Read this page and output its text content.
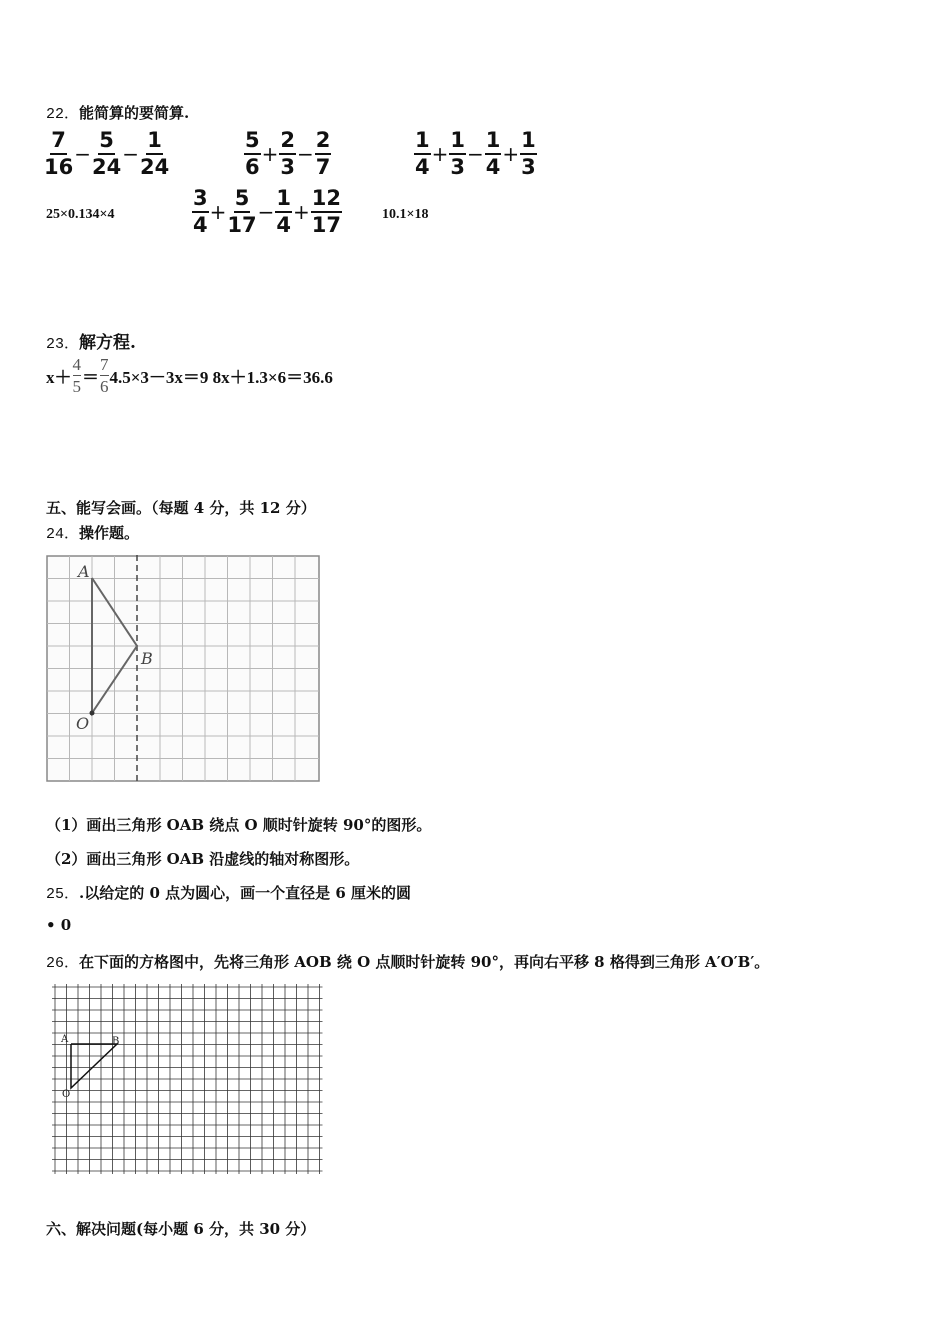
22．能简算的要简算.
$\frac{7}{16} - \frac{5}{24} - \frac{1}{24}$	$\frac{5}{6} + \frac{2}{3} - \frac{2}{7}$	$\frac{1}{4} + \frac{1}{3} - \frac{1}{4} + \frac{1}{3}$
25×0.134×4	$\frac{3}{4} + \frac{5}{17} - \frac{1}{4} + \frac{12}{17}$	10.1×18
23．解方程.
x＋
4
5 ＝
7
6 4.5×3－3x＝9 8x＋1.3×6＝36.6
五、能写会画。（每题 4 分，共 12 分）
24．操作题。
A
B
O
（1）画出三角形 OAB 绕点 O 顺时针旋转 90°的图形。
（2）画出三角形 OAB 沿虚线的轴对称图形。
25．.以给定的 0 点为圆心，画一个直径是 6 厘米的圆
• 0
26．在下面的方格图中，先将三角形 AOB 绕 O 点顺时针旋转 90°，再向右平移 8 格得到三角形 A′O′B′。
A	B
O
六、解决问题(每小题 6 分，共 30 分）
